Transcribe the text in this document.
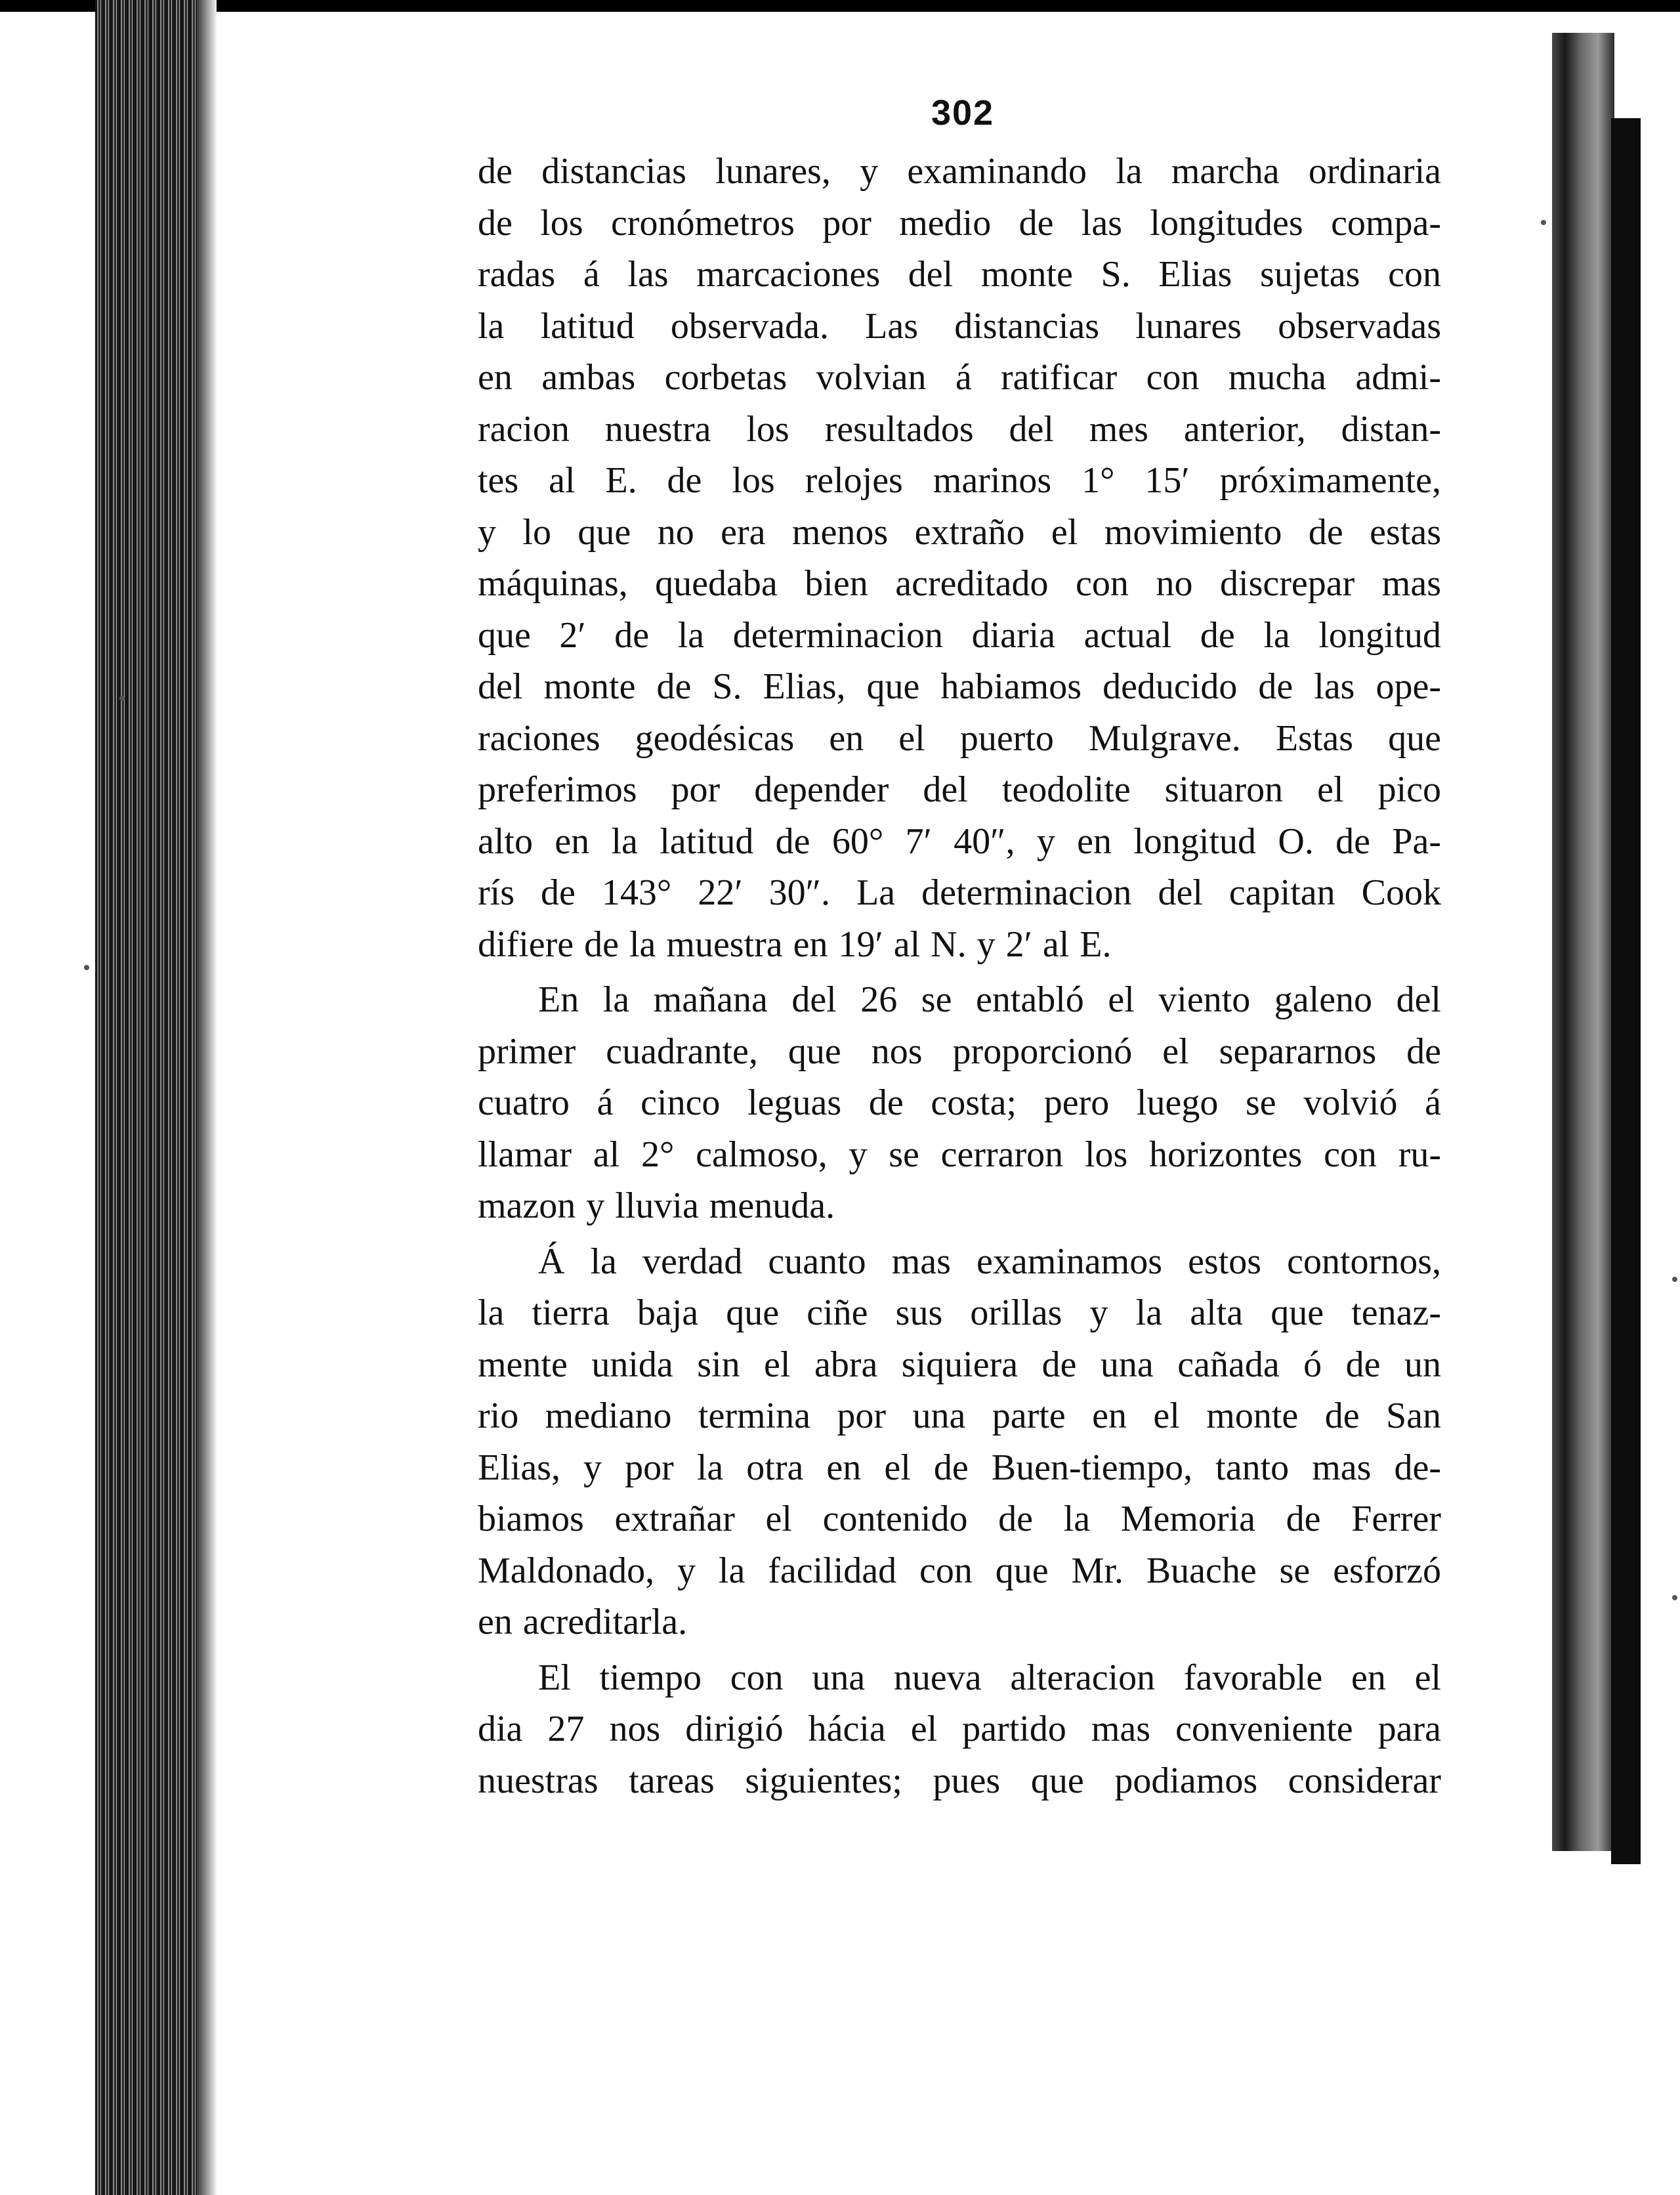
302
de distancias lunares, y examinando la marcha ordinaria
de los cronómetros por medio de las longitudes compa-
radas á las marcaciones del monte S. Elias sujetas con
la latitud observada. Las distancias lunares observadas
en ambas corbetas volvian á ratificar con mucha admi-
racion nuestra los resultados del mes anterior, distan-
tes al E. de los relojes marinos 1° 15′ próximamente,
y lo que no era menos extraño el movimiento de estas
máquinas, quedaba bien acreditado con no discrepar mas
que 2′ de la determinacion diaria actual de la longitud
del monte de S. Elias, que habiamos deducido de las ope-
raciones geodésicas en el puerto Mulgrave. Estas que
preferimos por depender del teodolite situaron el pico
alto en la latitud de 60° 7′ 40″, y en longitud O. de Pa-
rís de 143° 22′ 30″. La determinacion del capitan Cook
difiere de la muestra en 19′ al N. y 2′ al E.
En la mañana del 26 se entabló el viento galeno del
primer cuadrante, que nos proporcionó el separarnos de
cuatro á cinco leguas de costa; pero luego se volvió á
llamar al 2° calmoso, y se cerraron los horizontes con ru-
mazon y lluvia menuda.
Á la verdad cuanto mas examinamos estos contornos,
la tierra baja que ciñe sus orillas y la alta que tenaz-
mente unida sin el abra siquiera de una cañada ó de un
rio mediano termina por una parte en el monte de San
Elias, y por la otra en el de Buen-tiempo, tanto mas de-
biamos extrañar el contenido de la Memoria de Ferrer
Maldonado, y la facilidad con que Mr. Buache se esforzó
en acreditarla.
El tiempo con una nueva alteracion favorable en el
dia 27 nos dirigió hácia el partido mas conveniente para
nuestras tareas siguientes; pues que podiamos considerar
